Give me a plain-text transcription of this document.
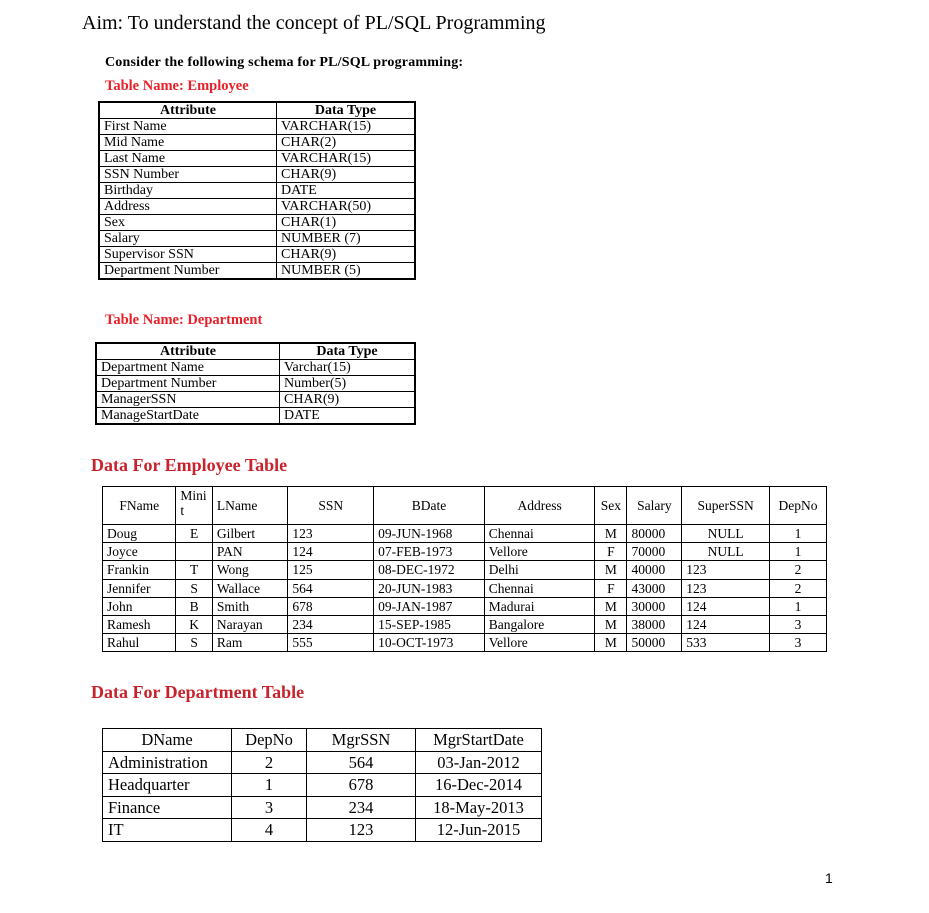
Aim: To understand the concept of PL/SQL Programming
Consider the following schema for PL/SQL programming:
Table Name: Employee
Attribute	Data Type
First Name	VARCHAR(15)
Mid Name	CHAR(2)
Last Name	VARCHAR(15)
SSN Number	CHAR(9)
Birthday	DATE
Address	VARCHAR(50)
Sex	CHAR(1)
Salary	NUMBER (7)
Supervisor SSN	CHAR(9)
Department Number	NUMBER (5)
Table Name: Department
Attribute	Data Type
Department Name	Varchar(15)
Department Number	Number(5)
ManagerSSN	CHAR(9)
ManageStartDate	DATE
Data For Employee Table
FName	Mini t	LName	SSN	BDate	Address	Sex	Salary	SuperSSN	DepNo
Doug	E	Gilbert	123	09-JUN-1968	Chennai	M	80000	NULL	1
Joyce		PAN	124	07-FEB-1973	Vellore	F	70000	NULL	1
Frankin	T	Wong	125	08-DEC-1972	Delhi	M	40000	123	2
Jennifer	S	Wallace	564	20-JUN-1983	Chennai	F	43000	123	2
John	B	Smith	678	09-JAN-1987	Madurai	M	30000	124	1
Ramesh	K	Narayan	234	15-SEP-1985	Bangalore	M	38000	124	3
Rahul	S	Ram	555	10-OCT-1973	Vellore	M	50000	533	3
Data For Department Table
DName	DepNo	MgrSSN	MgrStartDate
Administration	2	564	03-Jan-2012
Headquarter	1	678	16-Dec-2014
Finance	3	234	18-May-2013
IT	4	123	12-Jun-2015
1
